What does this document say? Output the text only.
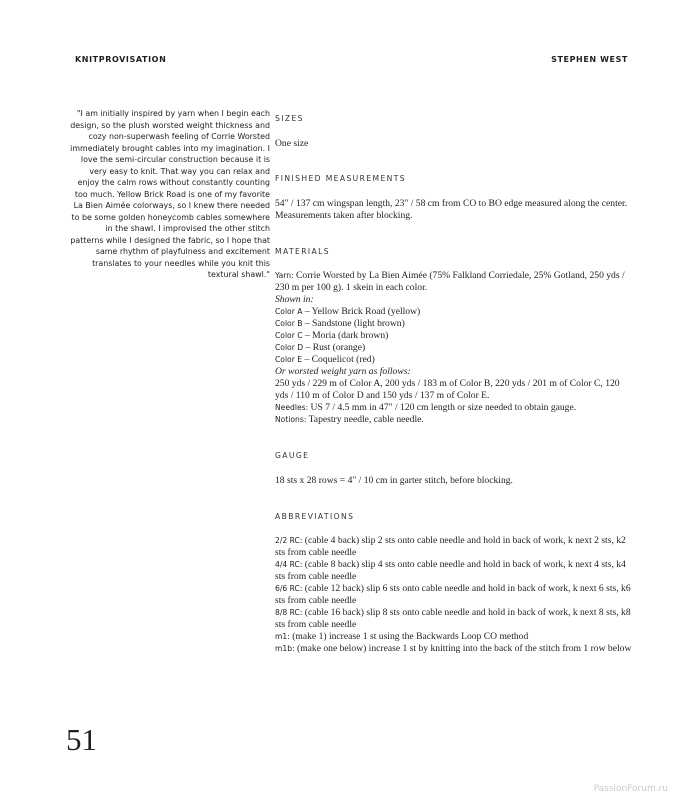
KNITPROVISATION	STEPHEN WEST

"I am initially inspired by yarn when I begin each design, so the plush worsted weight thickness and cozy non-superwash feeling of Corrie Worsted immediately brought cables into my imagination. I love the semi-circular construction because it is very easy to knit. That way you can relax and enjoy the calm rows without constantly counting too much. Yellow Brick Road is one of my favorite La Bien Aimée colorways, so I knew there needed to be some golden honeycomb cables somewhere in the shawl. I improvised the other stitch patterns while I designed the fabric, so I hope that same rhythm of playfulness and excitement translates to your needles while you knit this textural shawl."

SIZES

One size

FINISHED MEASUREMENTS

54" / 137 cm wingspan length, 23" / 58 cm from CO to BO edge measured along the center. Measurements taken after blocking.

MATERIALS
Yarn: Corrie Worsted by La Bien Aimée (75% Falkland Corriedale, 25% Gotland, 250 yds / 230 m per 100 g). 1 skein in each color.
Shown in:
Color A – Yellow Brick Road (yellow)
Color B – Sandstone (light brown)
Color C – Moria (dark brown)
Color D – Rust (orange)
Color E – Coquelicot (red)
Or worsted weight yarn as follows:
250 yds / 229 m of Color A, 200 yds / 183 m of Color B, 220 yds / 201 m of Color C, 120 yds / 110 m of Color D and 150 yds / 137 m of Color E.
Needles: US 7 / 4.5 mm in 47" / 120 cm length or size needed to obtain gauge.
Notions: Tapestry needle, cable needle.
GAUGE

18 sts x 28 rows = 4" / 10 cm in garter stitch, before blocking.

ABBREVIATIONS
2/2 RC: (cable 4 back) slip 2 sts onto cable needle and hold in back of work, k next 2 sts, k2 sts from cable needle
4/4 RC: (cable 8 back) slip 4 sts onto cable needle and hold in back of work, k next 4 sts, k4 sts from cable needle
6/6 RC: (cable 12 back) slip 6 sts onto cable needle and hold in back of work, k next 6 sts, k6 sts from cable needle
8/8 RC: (cable 16 back) slip 8 sts onto cable needle and hold in back of work, k next 8 sts, k8 sts from cable needle
m1: (make 1) increase 1 st using the Backwards Loop CO method
m1b: (make one below) increase 1 st by knitting into the back of the stitch from 1 row below
51
PassionForum.ru
